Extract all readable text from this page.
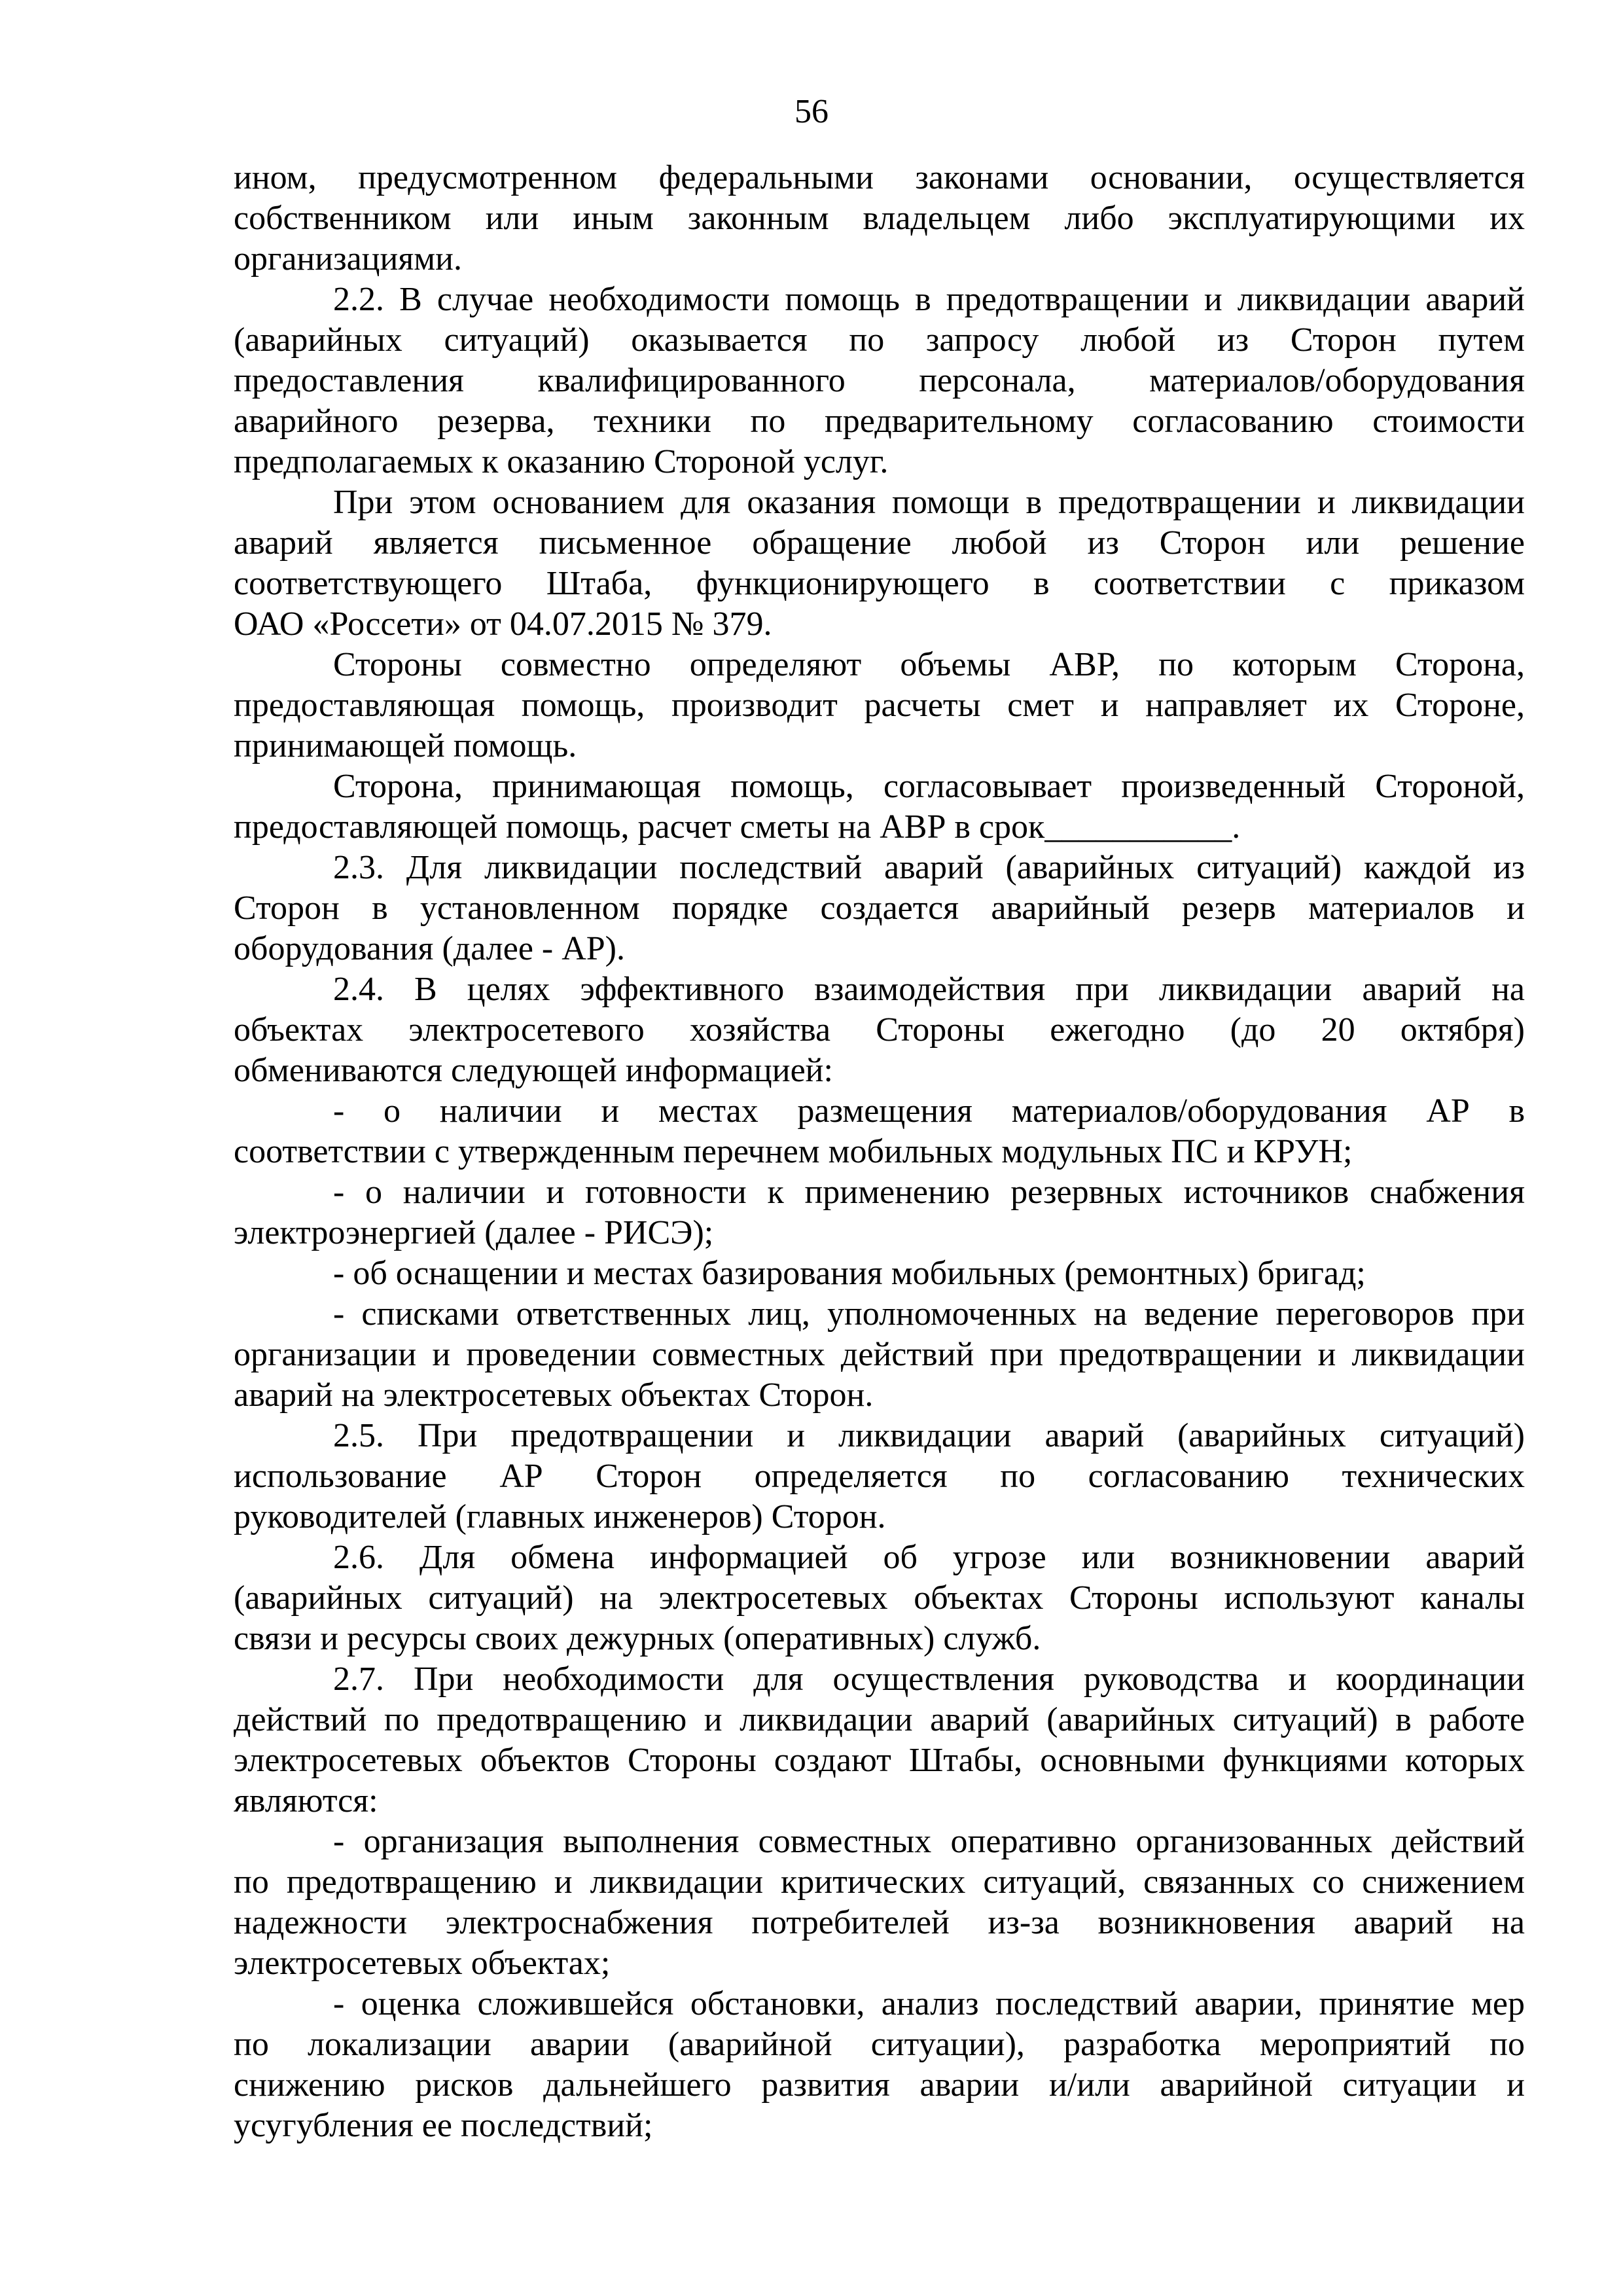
56
ином, предусмотренном федеральными законами основании, осуществляется
собственником или иным законным владельцем либо эксплуатирующими их
организациями.
2.2. В случае необходимости помощь в предотвращении и ликвидации аварий
(аварийных ситуаций) оказывается по запросу любой из Сторон путем
предоставления квалифицированного персонала, материалов/оборудования
аварийного резерва, техники по предварительному согласованию стоимости
предполагаемых к оказанию Стороной услуг.
При этом основанием для оказания помощи в предотвращении и ликвидации
аварий является письменное обращение любой из Сторон или решение
соответствующего Штаба, функционирующего в соответствии с приказом
ОАО «Россети» от 04.07.2015 № 379.
Стороны совместно определяют объемы АВР, по которым Сторона,
предоставляющая помощь, производит расчеты смет и направляет их Стороне,
принимающей помощь.
Сторона, принимающая помощь, согласовывает произведенный Стороной,
предоставляющей помощь, расчет сметы на АВР в срок___________.
2.3. Для ликвидации последствий аварий (аварийных ситуаций) каждой из
Сторон в установленном порядке создается аварийный резерв материалов и
оборудования (далее - АР).
2.4. В целях эффективного взаимодействия при ликвидации аварий на
объектах электросетевого хозяйства Стороны ежегодно (до 20 октября)
обмениваются следующей информацией:
- о наличии и местах размещения материалов/оборудования АР в
соответствии с утвержденным перечнем мобильных модульных ПС и КРУН;
- о наличии и готовности к применению резервных источников снабжения
электроэнергией (далее - РИСЭ);
- об оснащении и местах базирования мобильных (ремонтных) бригад;
- списками ответственных лиц, уполномоченных на ведение переговоров при
организации и проведении совместных действий при предотвращении и ликвидации
аварий на электросетевых объектах Сторон.
2.5. При предотвращении и ликвидации аварий (аварийных ситуаций)
использование АР Сторон определяется по согласованию технических
руководителей (главных инженеров) Сторон.
2.6. Для обмена информацией об угрозе или возникновении аварий
(аварийных ситуаций) на электросетевых объектах Стороны используют каналы
связи и ресурсы своих дежурных (оперативных) служб.
2.7. При необходимости для осуществления руководства и координации
действий по предотвращению и ликвидации аварий (аварийных ситуаций) в работе
электросетевых объектов Стороны создают Штабы, основными функциями которых
являются:
- организация выполнения совместных оперативно организованных действий
по предотвращению и ликвидации критических ситуаций, связанных со снижением
надежности электроснабжения потребителей из-за возникновения аварий на
электросетевых объектах;
- оценка сложившейся обстановки, анализ последствий аварии, принятие мер
по локализации аварии (аварийной ситуации), разработка мероприятий по
снижению рисков дальнейшего развития аварии и/или аварийной ситуации и
усугубления ее последствий;
